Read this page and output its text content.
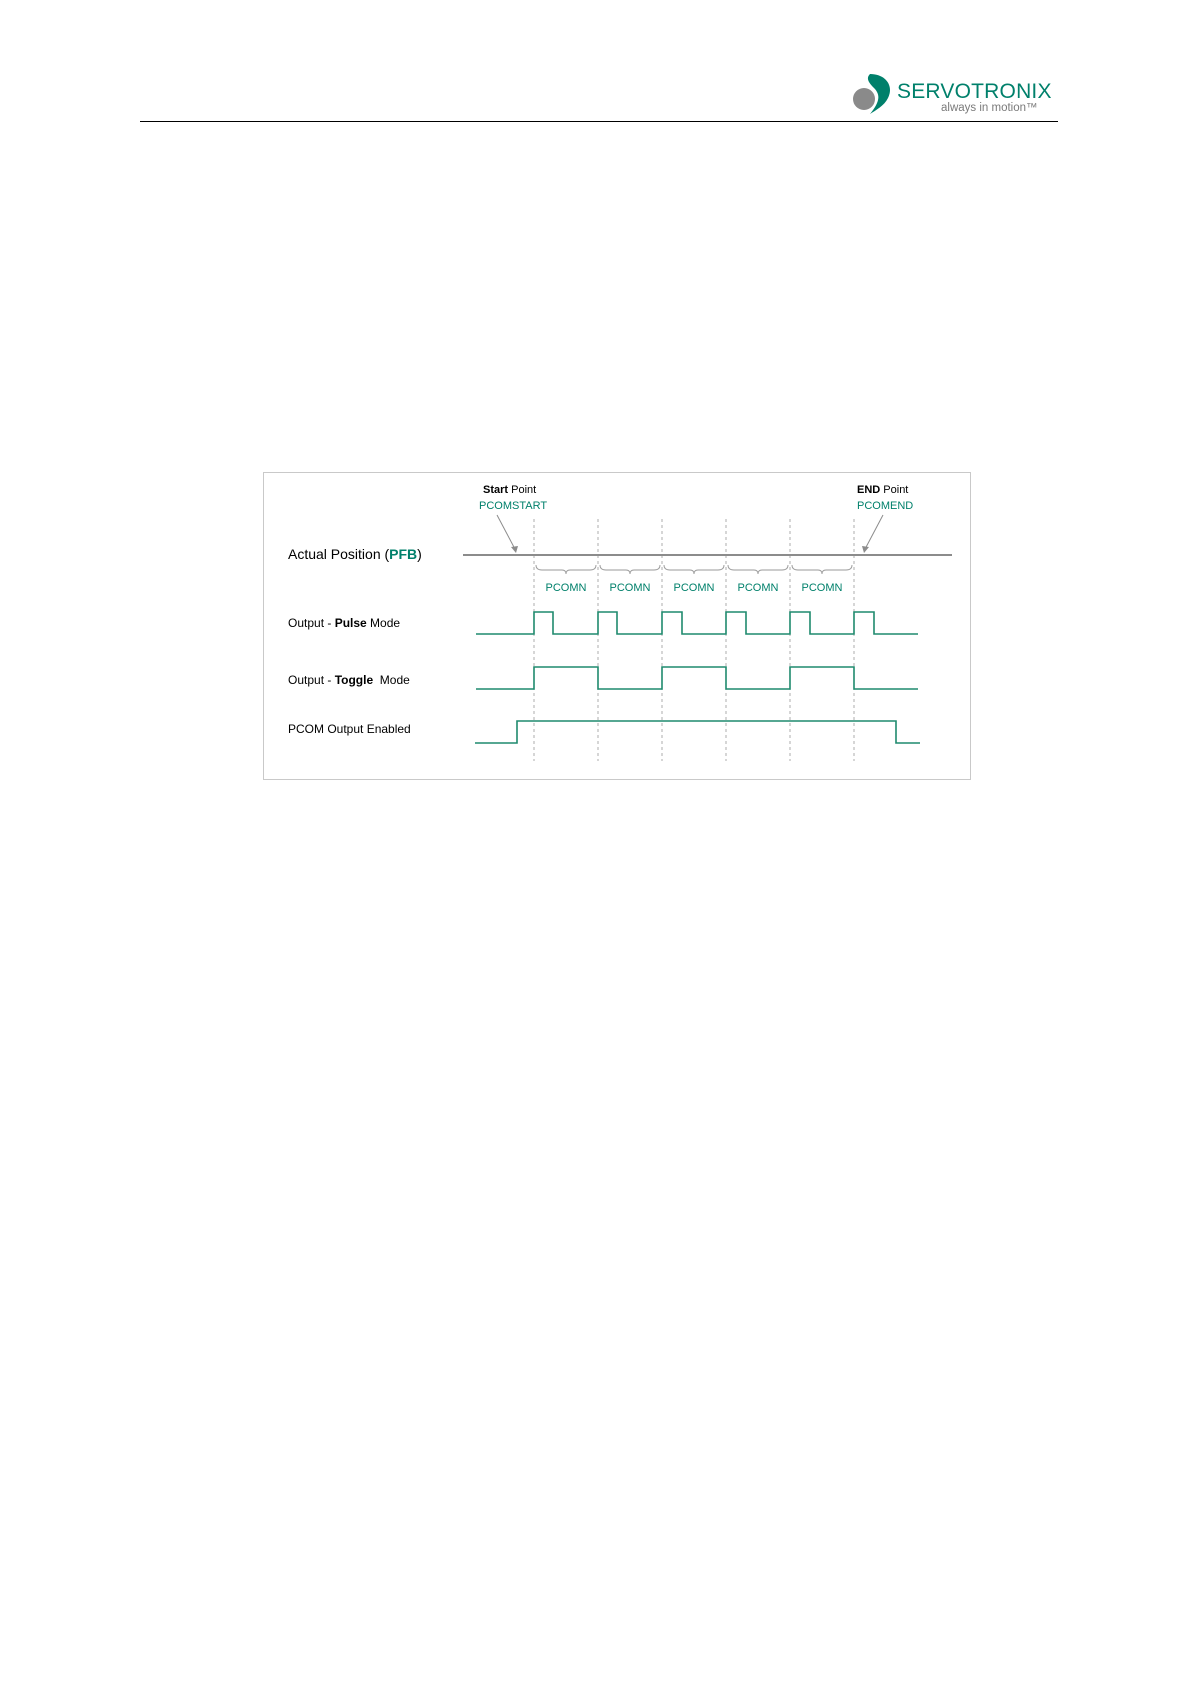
SERVOTRONIX
always in motion™
Start Point
PCOMSTART
END Point
PCOMEND
Actual Position (PFB)
Output - Pulse Mode
Output - Toggle  Mode
PCOM Output Enabled
PCOMN PCOMN PCOMN PCOMN PCOMN
